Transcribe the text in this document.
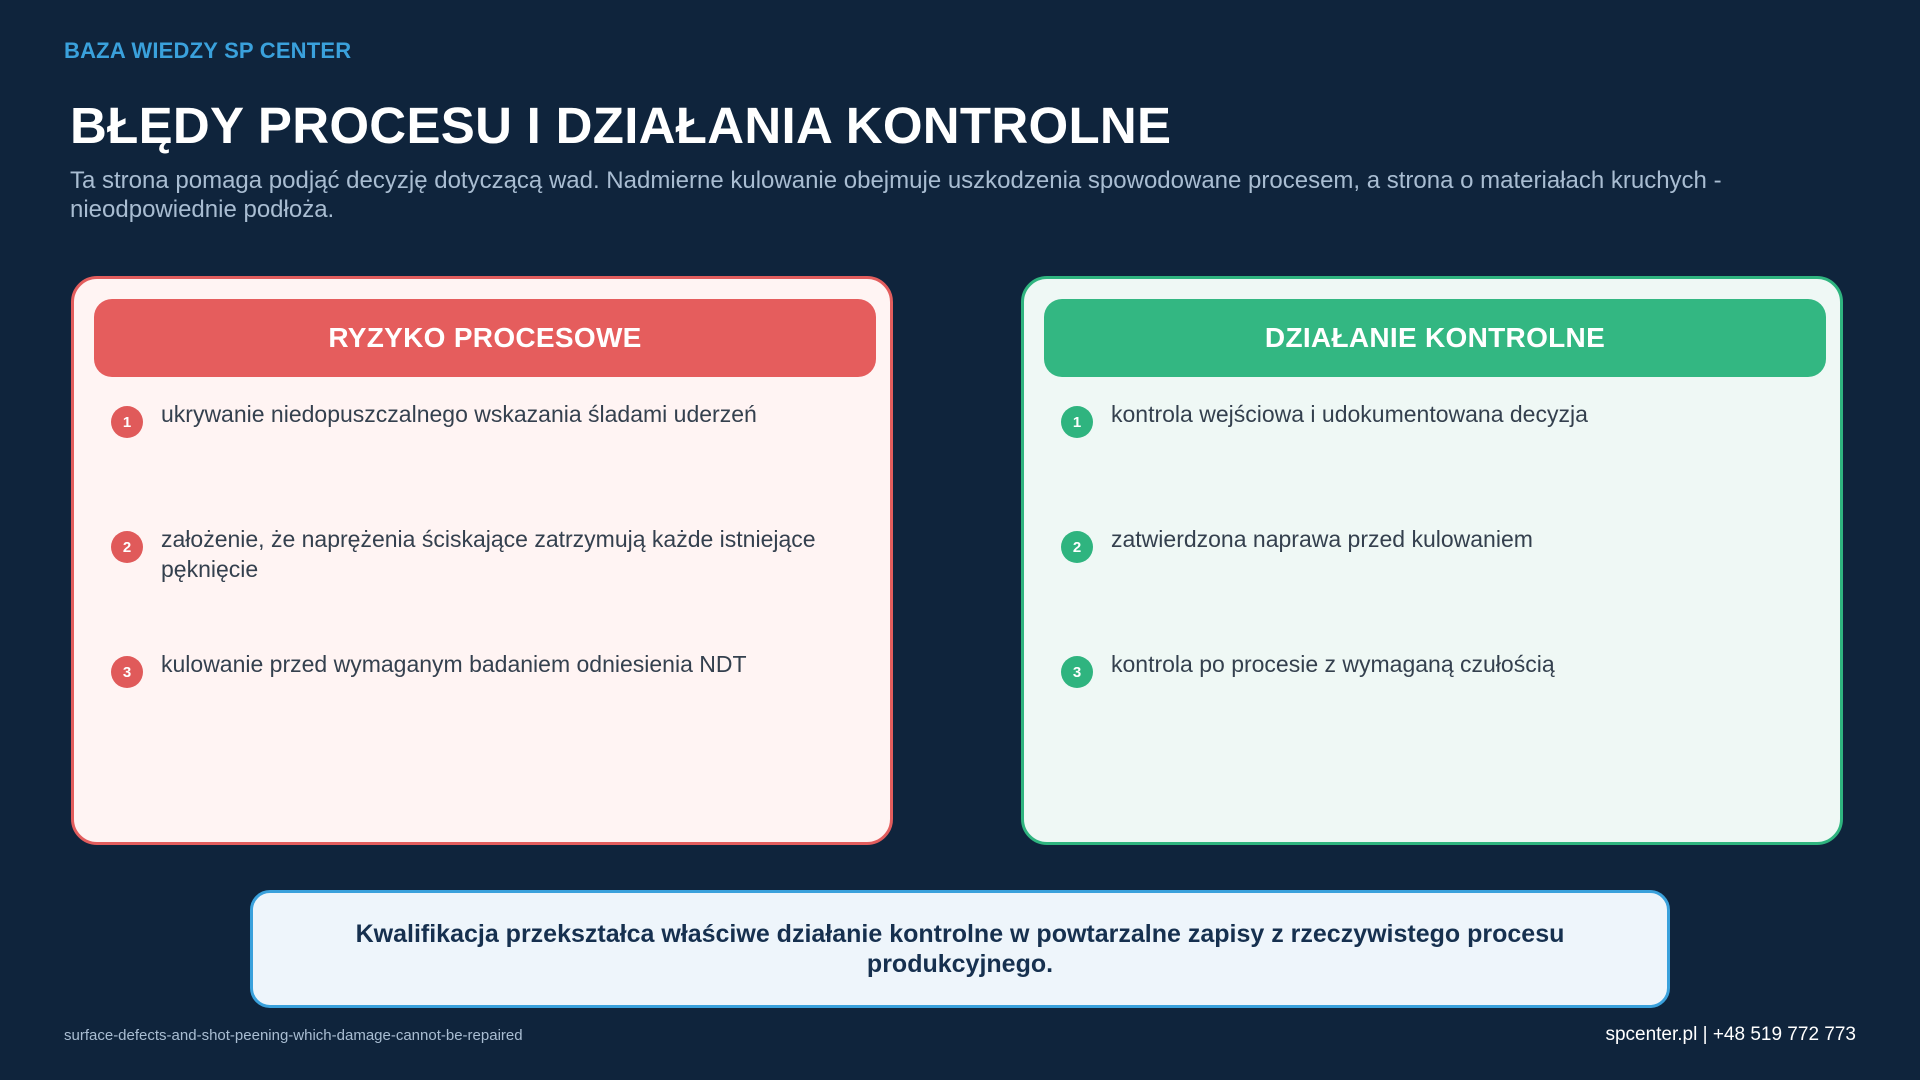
BAZA WIEDZY SP CENTER
BŁĘDY PROCESU I DZIAŁANIA KONTROLNE

Ta strona pomaga podjąć decyzję dotyczącą wad. Nadmierne kulowanie obejmuje uszkodzenia spowodowane procesem, a strona o materiałach kruchych - nieodpowiednie podłoża.

RYZYKO PROCESOWE
1	ukrywanie niedopuszczalnego wskazania śladami uderzeń
2	założenie, że naprężenia ściskające zatrzymują każde istniejące pęknięcie
3	kulowanie przed wymaganym badaniem odniesienia NDT
DZIAŁANIE KONTROLNE
1	kontrola wejściowa i udokumentowana decyzja
2	zatwierdzona naprawa przed kulowaniem
3	kontrola po procesie z wymaganą czułością
Kwalifikacja przekształca właściwe działanie kontrolne w powtarzalne zapisy z rzeczywistego procesu produkcyjnego.
surface-defects-and-shot-peening-which-damage-cannot-be-repaired	spcenter.pl | +48 519 772 773
